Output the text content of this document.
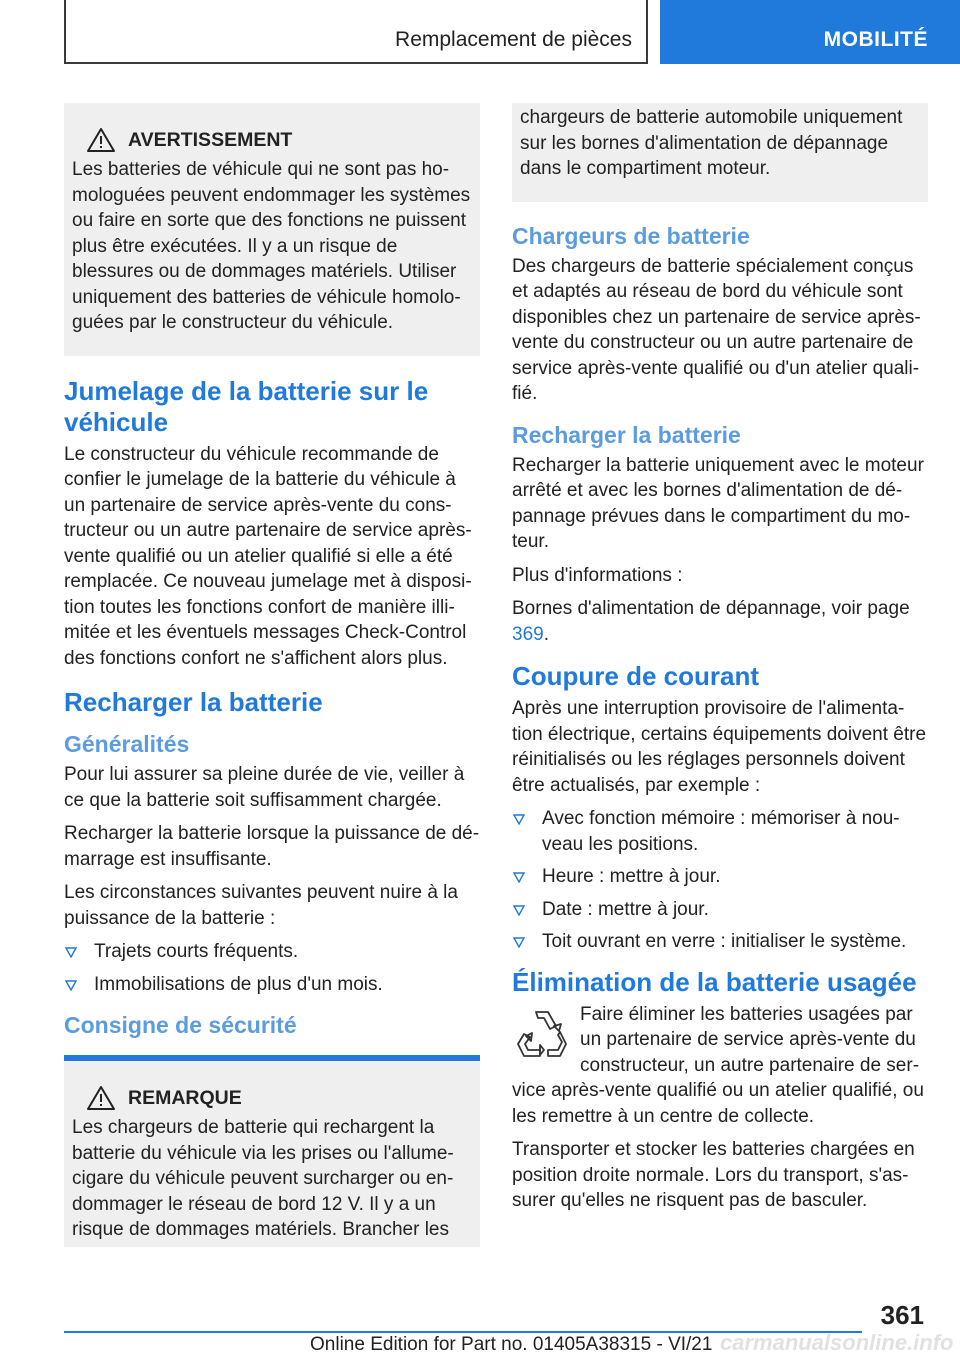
Remplacement de pièces	MOBILITÉ
AVERTISSEMENT

Les batteries de véhicule qui ne sont pas homologuées peuvent endommager les systèmes ou faire en sorte que des fonctions ne puissent plus être exécutées. Il y a un risque de blessures ou de dommages matériels. Utiliser uniquement des batteries de véhicule homologuées par le constructeur du véhicule.

Jumelage de la batterie sur le véhicule

Le constructeur du véhicule recommande de confier le jumelage de la batterie du véhicule à un partenaire de service après-vente du constructeur ou un autre partenaire de service après-vente qualifié ou un atelier qualifié si elle a été remplacée. Ce nouveau jumelage met à disposition toutes les fonctions confort de manière illimitée et les éventuels messages Check-Control des fonctions confort ne s'affichent alors plus.

Recharger la batterie
Généralités

Pour lui assurer sa pleine durée de vie, veiller à ce que la batterie soit suffisamment chargée.

Recharger la batterie lorsque la puissance de démarrage est insuffisante.

Les circonstances suivantes peuvent nuire à la puissance de la batterie :

Trajets courts fréquents.
Immobilisations de plus d'un mois.
Consigne de sécurité
REMARQUE

Les chargeurs de batterie qui rechargent la batterie du véhicule via les prises ou l'allume-cigare du véhicule peuvent surcharger ou endommager le réseau de bord 12 V. Il y a un risque de dommages matériels. Brancher les

chargeurs de batterie automobile uniquement sur les bornes d'alimentation de dépannage dans le compartiment moteur.

Chargeurs de batterie

Des chargeurs de batterie spécialement conçus et adaptés au réseau de bord du véhicule sont disponibles chez un partenaire de service après-vente du constructeur ou un autre partenaire de service après-vente qualifié ou d'un atelier qualifié.

Recharger la batterie

Recharger la batterie uniquement avec le moteur arrêté et avec les bornes d'alimentation de dépannage prévues dans le compartiment du moteur.

Plus d'informations :

Bornes d'alimentation de dépannage, voir page 369.

Coupure de courant

Après une interruption provisoire de l'alimentation électrique, certains équipements doivent être réinitialisés ou les réglages personnels doivent être actualisés, par exemple :

Avec fonction mémoire : mémoriser à nouveau les positions.
Heure : mettre à jour.
Date : mettre à jour.
Toit ouvrant en verre : initialiser le système.
Élimination de la batterie usagée

Faire éliminer les batteries usagées par un partenaire de service après-vente du constructeur, un autre partenaire de service après-vente qualifié ou un atelier qualifié, ou les remettre à un centre de collecte.

Transporter et stocker les batteries chargées en position droite normale. Lors du transport, s'assurer qu'elles ne risquent pas de basculer.

361
Online Edition for Part no. 01405A38315 - VI/21 carmanualsonline.info
